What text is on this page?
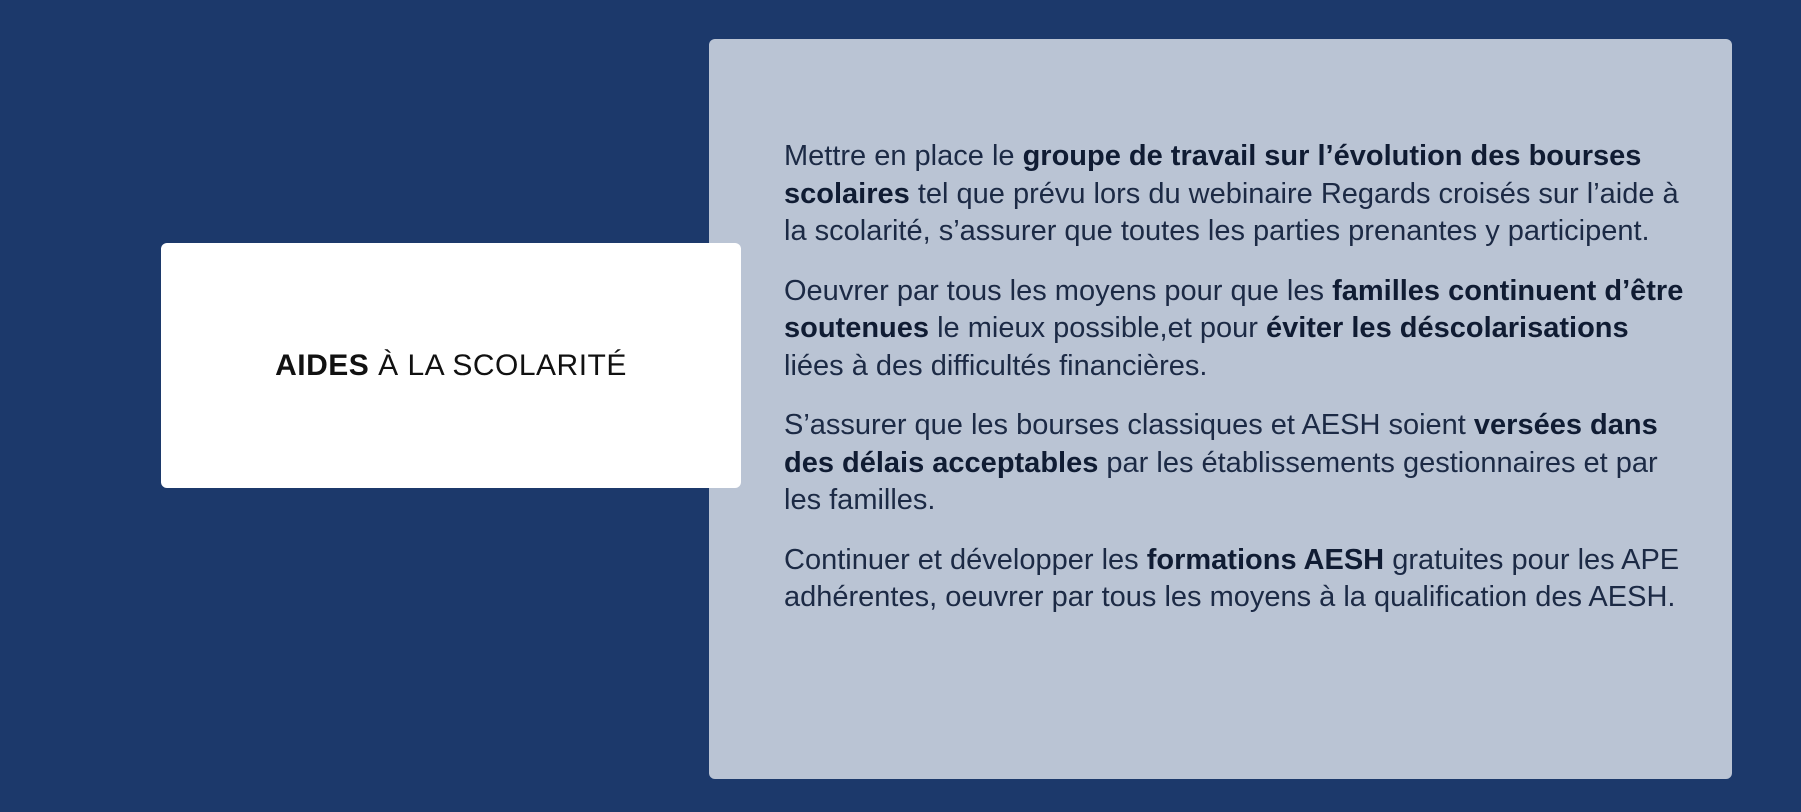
Mettre en place le groupe de travail sur l’évolution des bourses scolaires tel que prévu lors du webinaire Regards croisés sur l’aide à la scolarité, s’assurer que toutes les parties prenantes y participent.

Oeuvrer par tous les moyens pour que les familles continuent d’être soutenues le mieux possible,et pour éviter les déscolarisations liées à des difficultés financières.

S’assurer que les bourses classiques et AESH soient versées dans des délais acceptables par les établissements gestionnaires et par les familles.

Continuer et développer les formations AESH gratuites pour les APE adhérentes, oeuvrer par tous les moyens à la qualification des AESH.

AIDES À LA SCOLARITÉ
